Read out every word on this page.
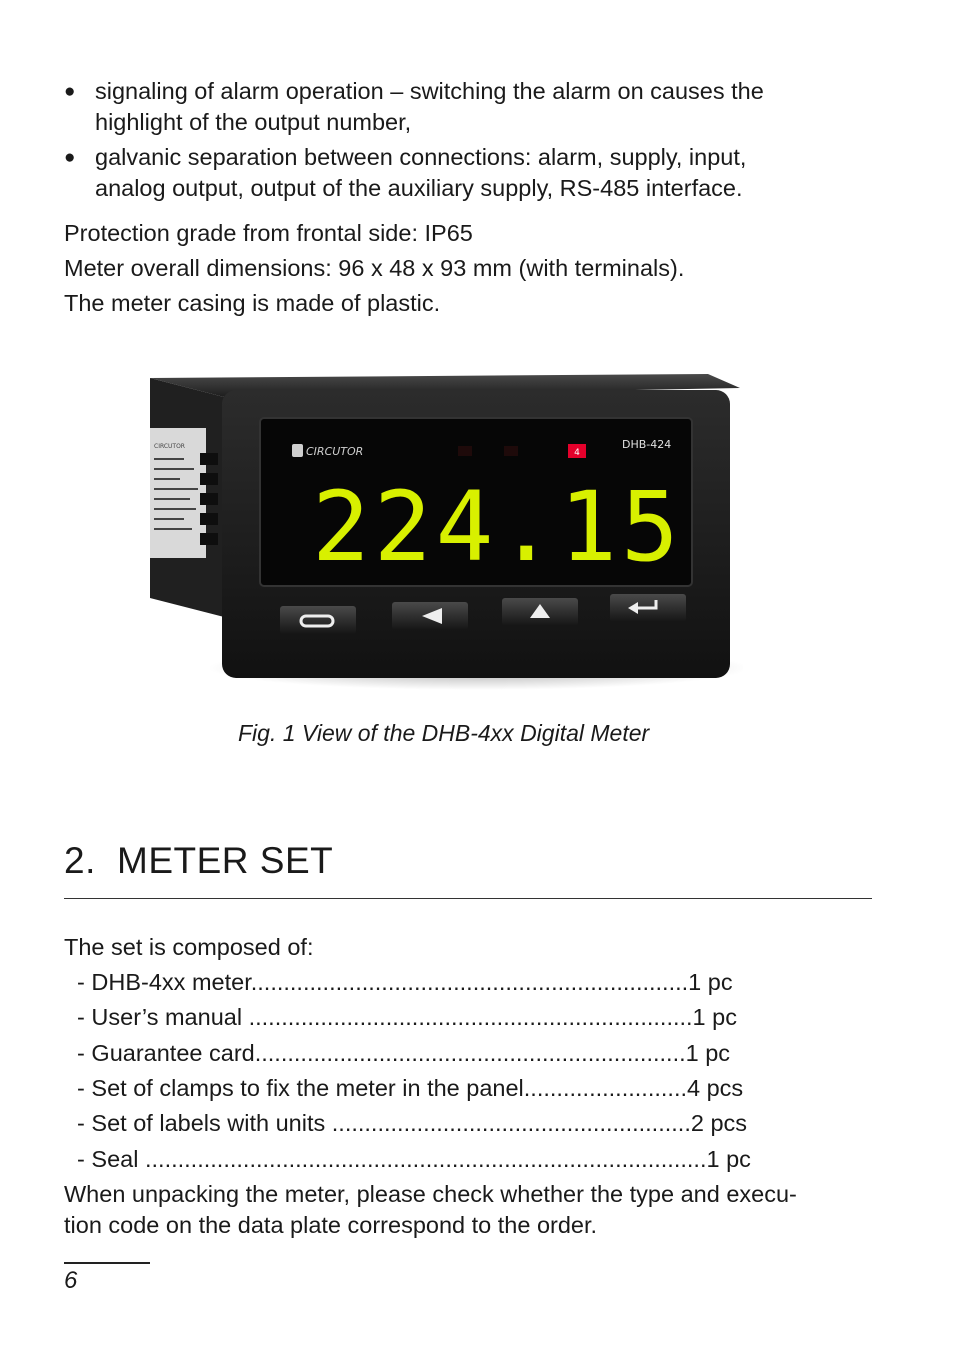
● signaling of alarm operation – switching the alarm on causes the
highlight of the output number,
● galvanic separation between connections: alarm, supply, input,
analog output, output of the auxiliary supply, RS-485 interface.
Protection grade from frontal side: IP65
Meter overall dimensions: 96 x 48 x 93 mm (with terminals).
The meter casing is made of plastic.
CIRCUTOR	CIRCUTOR	4
DHB-424
224.15
Fig. 1 View of the DHB-4xx Digital Meter
2. METER SET
The set is composed of:
- DHB-4xx meter...................................................................1 pc
- User’s manual ....................................................................1 pc
- Guarantee card..................................................................1 pc
- Set of clamps to fix the meter in the panel.........................4 pcs
- Set of labels with units .......................................................2 pcs
- Seal ......................................................................................1 pc
When unpacking the meter, please check whether the type and execu-
tion code on the data plate correspond to the order.
6
